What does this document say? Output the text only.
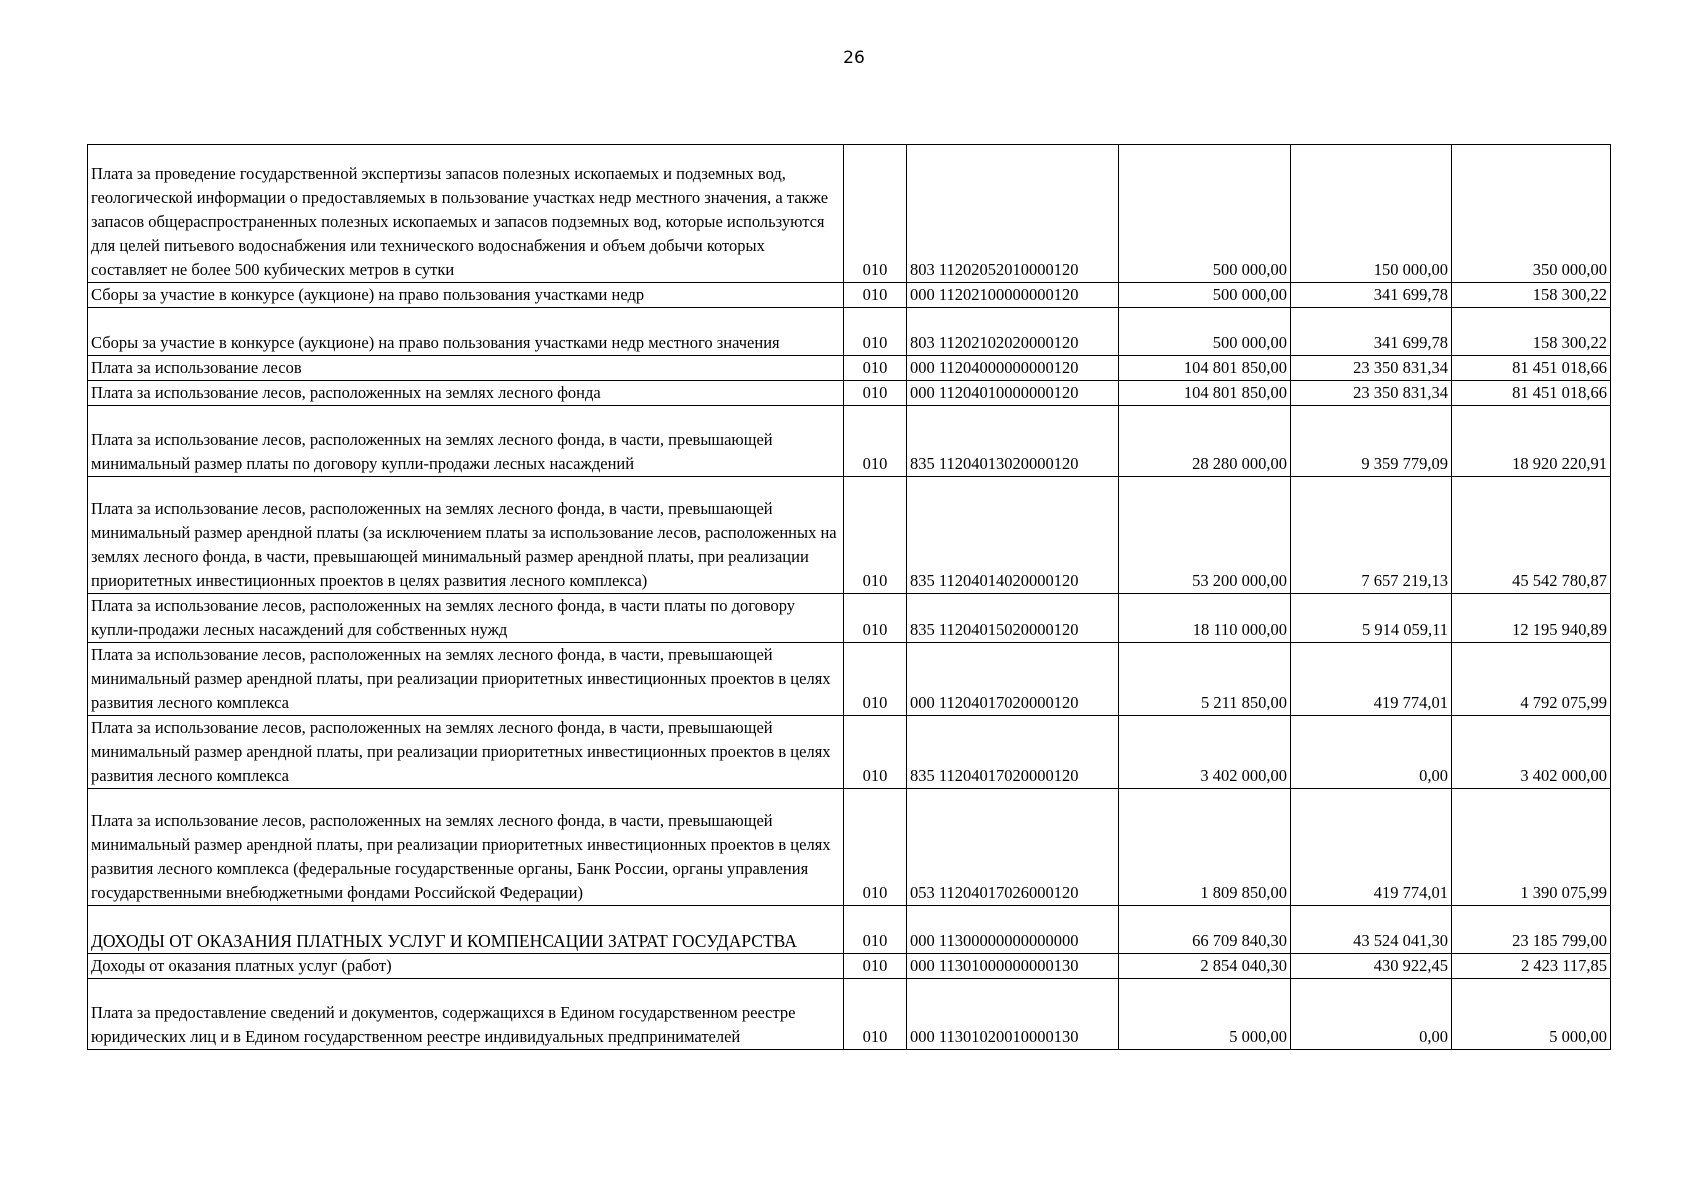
26
Плата за проведение государственной экспертизы запасов полезных ископаемых и подземных вод, геологической информации о предоставляемых в пользование участках недр местного значения, а также запасов общераспространенных полезных ископаемых и запасов подземных вод, которые используются для целей питьевого водоснабжения или технического водоснабжения и объем добычи которых составляет не более 500 кубических метров в сутки	010	803 11202052010000120	500 000,00	150 000,00	350 000,00
Сборы за участие в конкурсе (аукционе) на право пользования участками недр	010	000 11202100000000120	500 000,00	341 699,78	158 300,22
Сборы за участие в конкурсе (аукционе) на право пользования участками недр местного значения	010	803 11202102020000120	500 000,00	341 699,78	158 300,22
Плата за использование лесов	010	000 11204000000000120	104 801 850,00	23 350 831,34	81 451 018,66
Плата за использование лесов, расположенных на землях лесного фонда	010	000 11204010000000120	104 801 850,00	23 350 831,34	81 451 018,66
Плата за использование лесов, расположенных на землях лесного фонда, в части, превышающей минимальный размер платы по договору купли-продажи лесных насаждений	010	835 11204013020000120	28 280 000,00	9 359 779,09	18 920 220,91
Плата за использование лесов, расположенных на землях лесного фонда, в части, превышающей минимальный размер арендной платы (за исключением платы за использование лесов, расположенных на землях лесного фонда, в части, превышающей минимальный размер арендной платы, при реализации приоритетных инвестиционных проектов в целях развития лесного комплекса)	010	835 11204014020000120	53 200 000,00	7 657 219,13	45 542 780,87
Плата за использование лесов, расположенных на землях лесного фонда, в части платы по договору купли-продажи лесных насаждений для собственных нужд	010	835 11204015020000120	18 110 000,00	5 914 059,11	12 195 940,89
Плата за использование лесов, расположенных на землях лесного фонда, в части, превышающей минимальный размер арендной платы, при реализации приоритетных инвестиционных проектов в целях развития лесного комплекса	010	000 11204017020000120	5 211 850,00	419 774,01	4 792 075,99
Плата за использование лесов, расположенных на землях лесного фонда, в части, превышающей минимальный размер арендной платы, при реализации приоритетных инвестиционных проектов в целях развития лесного комплекса	010	835 11204017020000120	3 402 000,00	0,00	3 402 000,00
Плата за использование лесов, расположенных на землях лесного фонда, в части, превышающей минимальный размер арендной платы, при реализации приоритетных инвестиционных проектов в целях развития лесного комплекса (федеральные государственные органы, Банк России, органы управления государственными внебюджетными фондами Российской Федерации)	010	053 11204017026000120	1 809 850,00	419 774,01	1 390 075,99
ДОХОДЫ ОТ ОКАЗАНИЯ ПЛАТНЫХ УСЛУГ И КОМПЕНСАЦИИ ЗАТРАТ ГОСУДАРСТВА	010	000 11300000000000000	66 709 840,30	43 524 041,30	23 185 799,00
Доходы от оказания платных услуг (работ)	010	000 11301000000000130	2 854 040,30	430 922,45	2 423 117,85
Плата за предоставление сведений и документов, содержащихся в Едином государственном реестре юридических лиц и в Едином государственном реестре индивидуальных предпринимателей	010	000 11301020010000130	5 000,00	0,00	5 000,00
